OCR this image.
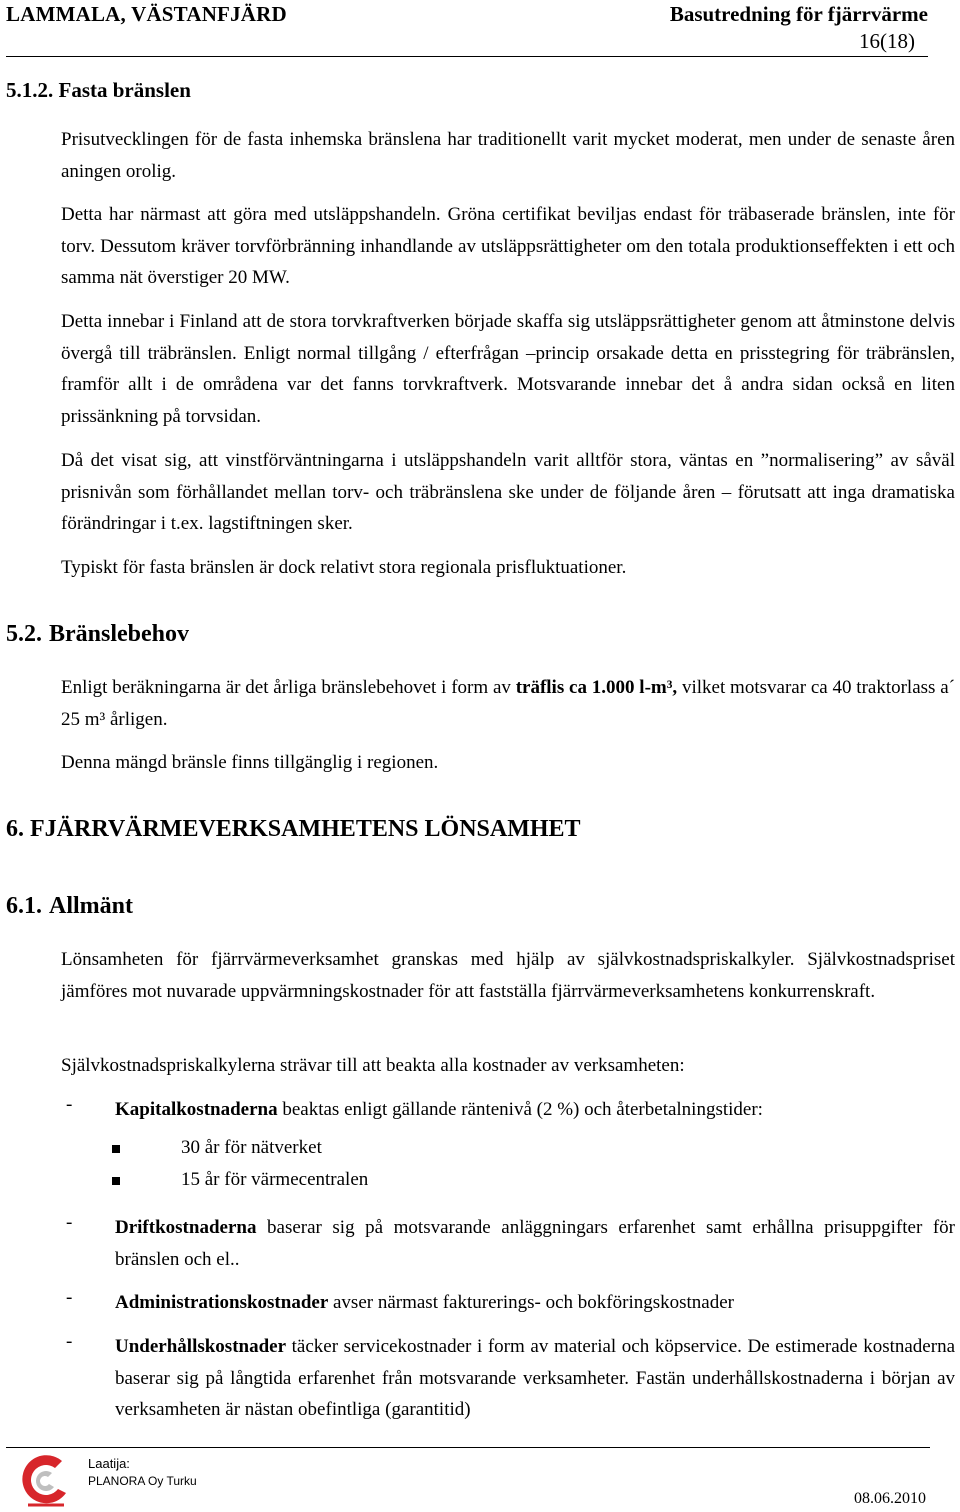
LAMMALA, VÄSTANFJÄRD	Basutredning för fjärrvärme
16(18)
5.1.2. Fasta bränslen
Prisutvecklingen för de fasta inhemska bränslena har traditionellt varit mycket moderat, men under de senaste åren aningen orolig.
Detta har närmast att göra med utsläppshandeln. Gröna certifikat beviljas endast för träbaserade bränslen, inte för torv. Dessutom kräver torvförbränning inhandlande av utsläppsrättigheter om den totala produktionseffekten i ett och samma nät överstiger 20 MW.
Detta innebar i Finland att de stora torvkraftverken började skaffa sig utsläppsrättigheter genom att åtminstone delvis övergå till träbränslen. Enligt normal tillgång / efterfrågan –princip orsakade detta en prisstegring för träbränslen, framför allt i de områdena var det fanns torvkraftverk. Motsvarande innebar det å andra sidan också en liten prissänkning på torvsidan.
Då det visat sig, att vinstförväntningarna i utsläppshandeln varit alltför stora, väntas en ”normalisering” av såväl prisnivån som förhållandet mellan torv- och träbränslena ske under de följande åren – förutsatt att inga dramatiska förändringar i t.ex. lagstiftningen sker.
Typiskt för fasta bränslen är dock relativt stora regionala prisfluktuationer.
5.2. Bränslebehov
Enligt beräkningarna är det årliga bränslebehovet i form av träflis ca 1.000 l-m³, vilket motsvarar ca 40 traktorlass a´ 25 m³ årligen.
Denna mängd bränsle finns tillgänglig i regionen.
6. FJÄRRVÄRMEVERKSAMHETENS LÖNSAMHET
6.1. Allmänt
Lönsamheten för fjärrvärmeverksamhet granskas med hjälp av självkostnadspriskalkyler. Självkostnadspriset jämföres mot nuvarade uppvärmningskostnader för att fastställa fjärrvärmeverksamhetens konkurrenskraft.
Självkostnadspriskalkylerna strävar till att beakta alla kostnader av verksamheten:
- Kapitalkostnaderna beaktas enligt gällande räntenivå (2 %) och återbetalningstider:
30 år för nätverket
15 år för värmecentralen
- Driftkostnaderna baserar sig på motsvarande anläggningars erfarenhet samt erhållna prisuppgifter för bränslen och el..
- Administrationskostnader avser närmast fakturerings- och bokföringskostnader
- Underhållskostnader täcker servicekostnader i form av material och köpservice. De estimerade kostnaderna baserar sig på långtida erfarenhet från motsvarande verksamheter. Fastän underhållskostnaderna i början av verksamheten är nästan obefintliga (garantitid)
Laatija:
PLANORA Oy Turku
08.06.2010
